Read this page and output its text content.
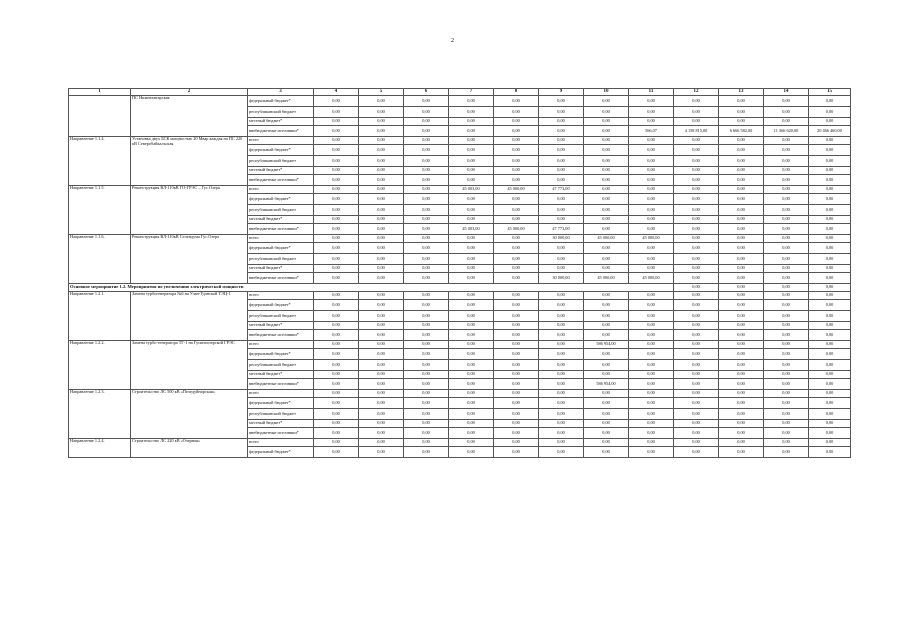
2
1	2	3	4	5	6	7	8	9	10	11	12	13	14	15
	ПС Нижнеангарская	федеральный бюджет*	0,00	0,00	0,00	0,00	0,00	0,00	0,00	0,00	0,00	0,00	0,00	0,00
		республиканский бюджет	0,00	0,00	0,00	0,00	0,00	0,00	0,00	0,00	0,00	0,00	0,00	0,00
		местный бюджет*	0,00	0,00	0,00	0,00	0,00	0,00	0,00	0,00	0,00	0,00	0,00	0,00
		внебюджетные источники*	0,00	0,00	0,00	0,00	0,00	0,00	0,00	566,07	4 158 815,00	6 666 582,00	11 366 620,00	20 466 460,00
Направление 1.1.4.	Установка двух БСК мощностью 20 Мвар каждая на ПС 220 кВ Северобайкальская	всего	0,00	0,00	0,00	0,00	0,00	0,00	0,00	0,00	0,00	0,00	0,00	0,00
		федеральный бюджет*	0,00	0,00	0,00	0,00	0,00	0,00	0,00	0,00	0,00	0,00	0,00	0,00
		республиканский бюджет	0,00	0,00	0,00	0,00	0,00	0,00	0,00	0,00	0,00	0,00	0,00	0,00
		местный бюджет*	0,00	0,00	0,00	0,00	0,00	0,00	0,00	0,00	0,00	0,00	0,00	0,00
		внебюджетные источники*	0,00	0,00	0,00	0,00	0,00	0,00	0,00	0,00	0,00	0,00	0,00	0,00
Направление 1.1.5.	Реконструкция ВЛ-110кВ ГО-ГРЭС – Гус.Озера	всего	0,00	0,00	0,00	45 003,00	45 000,00	47 773,00	0,00	0,00	0,00	0,00	0,00	0,00
		федеральный бюджет*	0,00	0,00	0,00	0,00	0,00	0,00	0,00	0,00	0,00	0,00	0,00	0,00
		республиканский бюджет	0,00	0,00	0,00	0,00	0,00	0,00	0,00	0,00	0,00	0,00	0,00	0,00
		местный бюджет*	0,00	0,00	0,00	0,00	0,00	0,00	0,00	0,00	0,00	0,00	0,00	0,00
		внебюджетные источники*	0,00	0,00	0,00	45 003,00	45 000,00	47 773,00	0,00	0,00	0,00	0,00	0,00	0,00
Направление 1.1.6.	Реконструкция ВЛ-110кВ Селендума Гус.Озера	всего	0,00	0,00	0,00	0,00	0,00	30 000,00	45 000,00	45 000,00	0,00	0,00	0,00	0,00
		федеральный бюджет*	0,00	0,00	0,00	0,00	0,00	0,00	0,00	0,00	0,00	0,00	0,00	0,00
		республиканский бюджет	0,00	0,00	0,00	0,00	0,00	0,00	0,00	0,00	0,00	0,00	0,00	0,00
		местный бюджет*	0,00	0,00	0,00	0,00	0,00	0,00	0,00	0,00	0,00	0,00	0,00	0,00
		внебюджетные источники*	0,00	0,00	0,00	0,00	0,00	30 000,00	45 000,00	45 000,00	0,00	0,00	0,00	0,00
Основное мероприятие 1.2. Мероприятия по увеличению электрической мощности											0,00	0,00	0,00	0,00
Направление 1.2.1.	Замена турбогенератора №6 на Улан-Удэнской ТЭЦ-1	всего	0,00	0,00	0,00	0,00	0,00	0,00	0,00	0,00	0,00	0,00	0,00	0,00
		федеральный бюджет*	0,00	0,00	0,00	0,00	0,00	0,00	0,00	0,00	0,00	0,00	0,00	0,00
		республиканский бюджет	0,00	0,00	0,00	0,00	0,00	0,00	0,00	0,00	0,00	0,00	0,00	0,00
		местный бюджет*	0,00	0,00	0,00	0,00	0,00	0,00	0,00	0,00	0,00	0,00	0,00	0,00
		внебюджетные источники*	0,00	0,00	0,00	0,00	0,00	0,00	0,00	0,00	0,00	0,00	0,00	0,00
Направление 1.2.2.	Замена турбо-генератора ТГ-1 на Гусиноозерской ГРЭС	всего	0,00	0,00	0,00	0,00	0,00	0,00	586 954,00	0,00	0,00	0,00	0,00	0,00
		федеральный бюджет*	0,00	0,00	0,00	0,00	0,00	0,00	0,00	0,00	0,00	0,00	0,00	0,00
		республиканский бюджет	0,00	0,00	0,00	0,00	0,00	0,00	0,00	0,00	0,00	0,00	0,00	0,00
		местный бюджет*	0,00	0,00	0,00	0,00	0,00	0,00	0,00	0,00	0,00	0,00	0,00	0,00
		внебюджетные источники*	0,00	0,00	0,00	0,00	0,00	0,00	586 954,00	0,00	0,00	0,00	0,00	0,00
Направление 1.2.3.	Строительство ЛС 500 кВ «Пеледуйнорская»	всего	0,00	0,00	0,00	0,00	0,00	0,00	0,00	0,00	0,00	0,00	0,00	0,00
		федеральный бюджет*	0,00	0,00	0,00	0,00	0,00	0,00	0,00	0,00	0,00	0,00	0,00	0,00
		республиканский бюджет	0,00	0,00	0,00	0,00	0,00	0,00	0,00	0,00	0,00	0,00	0,00	0,00
		местный бюджет*	0,00	0,00	0,00	0,00	0,00	0,00	0,00	0,00	0,00	0,00	0,00	0,00
		внебюджетные источники*	0,00	0,00	0,00	0,00	0,00	0,00	0,00	0,00	0,00	0,00	0,00	0,00
Направление 1.2.4.	Строительство ЛС 220 кВ «Озерная»	всего	0,00	0,00	0,00	0,00	0,00	0,00	0,00	0,00	0,00	0,00	0,00	0,00
		федеральный бюджет*	0,00	0,00	0,00	0,00	0,00	0,00	0,00	0,00	0,00	0,00	0,00	0,00
